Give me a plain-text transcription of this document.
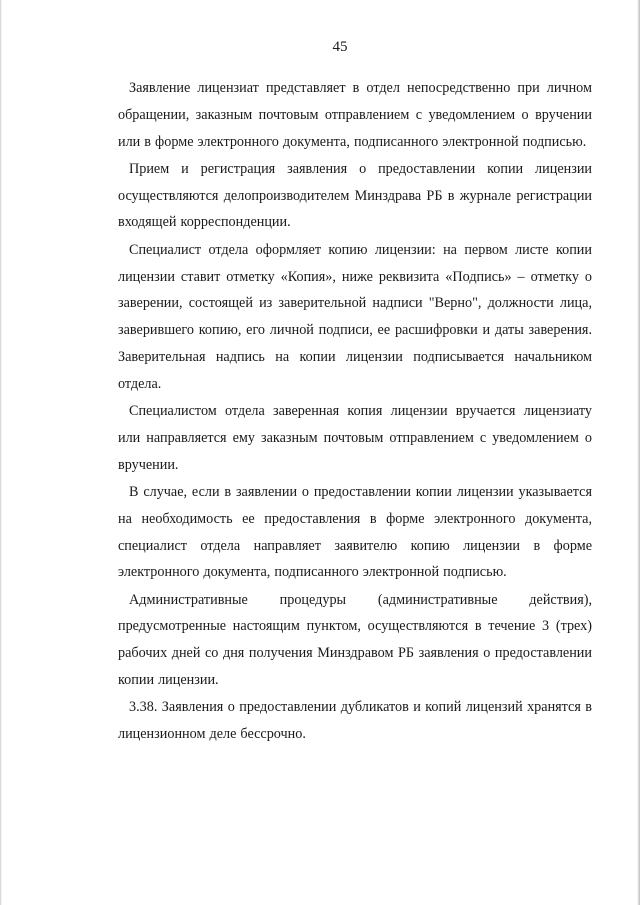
45

Заявление лицензиат представляет в отдел непосредственно при личном обращении, заказным почтовым отправлением с уведомлением о вручении или в форме электронного документа, подписанного электронной подписью.

Прием и регистрация заявления о предоставлении копии лицензии осуществляются делопроизводителем Минздрава РБ в журнале регистрации входящей корреспонденции.

Специалист отдела оформляет копию лицензии: на первом листе копии лицензии ставит отметку «Копия», ниже реквизита «Подпись» – отметку о заверении, состоящей из заверительной надписи "Верно", должности лица, заверившего копию, его личной подписи, ее расшифровки и даты заверения. Заверительная надпись на копии лицензии подписывается начальником отдела.

Специалистом отдела заверенная копия лицензии вручается лицензиату или направляется ему заказным почтовым отправлением с уведомлением о вручении.

В случае, если в заявлении о предоставлении копии лицензии указывается на необходимость ее предоставления в форме электронного документа, специалист отдела направляет заявителю копию лицензии в форме электронного документа, подписанного электронной подписью.

Административные процедуры (административные действия), предусмотренные настоящим пунктом, осуществляются в течение 3 (трех) рабочих дней со дня получения Минздравом РБ заявления о предоставлении копии лицензии.

3.38. Заявления о предоставлении дубликатов и копий лицензий хранятся в лицензионном деле бессрочно.
